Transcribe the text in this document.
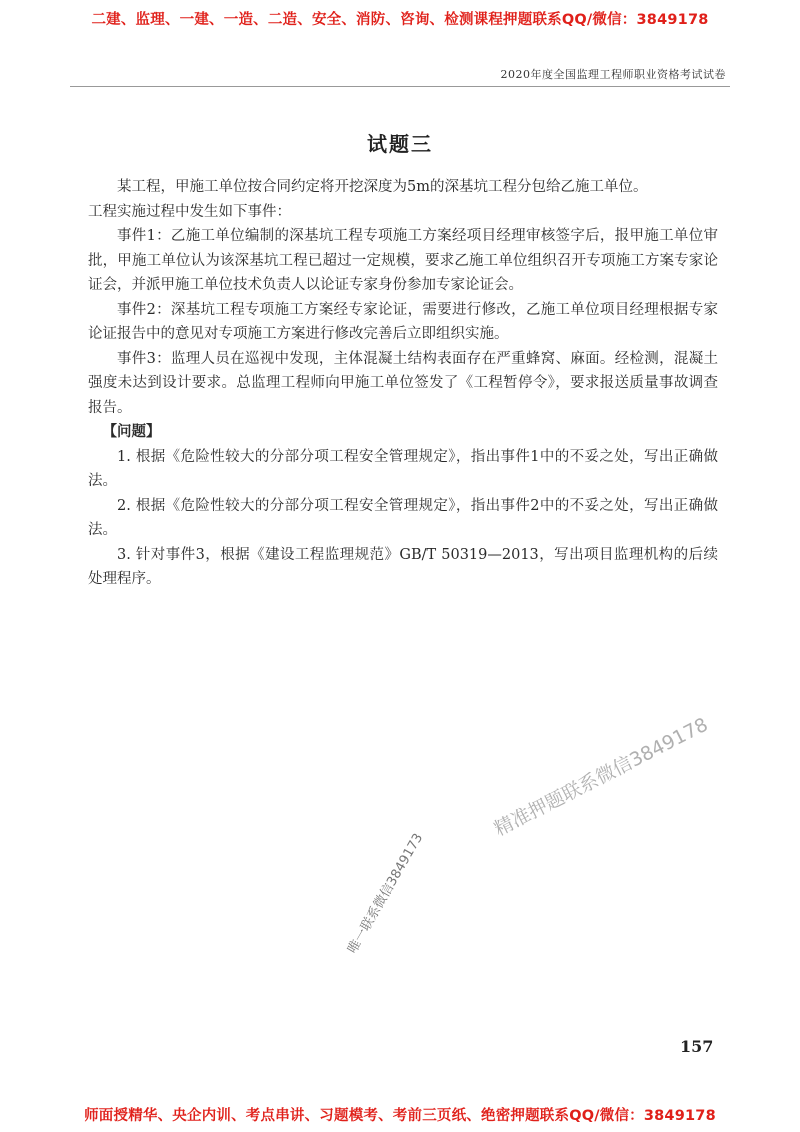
二建、监理、一建、一造、二造、安全、消防、咨询、检测课程押题联系QQ/微信：3849178
2020年度全国监理工程师职业资格考试试卷
试题三

某工程，甲施工单位按合同约定将开挖深度为5m的深基坑工程分包给乙施工单位。

工程实施过程中发生如下事件：

事件1：乙施工单位编制的深基坑工程专项施工方案经项目经理审核签字后，报甲施工单位审批，甲施工单位认为该深基坑工程已超过一定规模，要求乙施工单位组织召开专项施工方案专家论证会，并派甲施工单位技术负责人以论证专家身份参加专家论证会。

事件2：深基坑工程专项施工方案经专家论证，需要进行修改，乙施工单位项目经理根据专家论证报告中的意见对专项施工方案进行修改完善后立即组织实施。

事件3：监理人员在巡视中发现，主体混凝土结构表面存在严重蜂窝、麻面。经检测，混凝土强度未达到设计要求。总监理工程师向甲施工单位签发了《工程暂停令》，要求报送质量事故调查报告。

【问题】

1. 根据《危险性较大的分部分项工程安全管理规定》，指出事件1中的不妥之处，写出正确做法。

2. 根据《危险性较大的分部分项工程安全管理规定》，指出事件2中的不妥之处，写出正确做法。

3. 针对事件3，根据《建设工程监理规范》GB/T 50319—2013，写出项目监理机构的后续处理程序。

精准押题联系微信3849178
唯一联系微信3849173
157
师面授精华、央企内训、考点串讲、习题模考、考前三页纸、绝密押题联系QQ/微信：3849178
